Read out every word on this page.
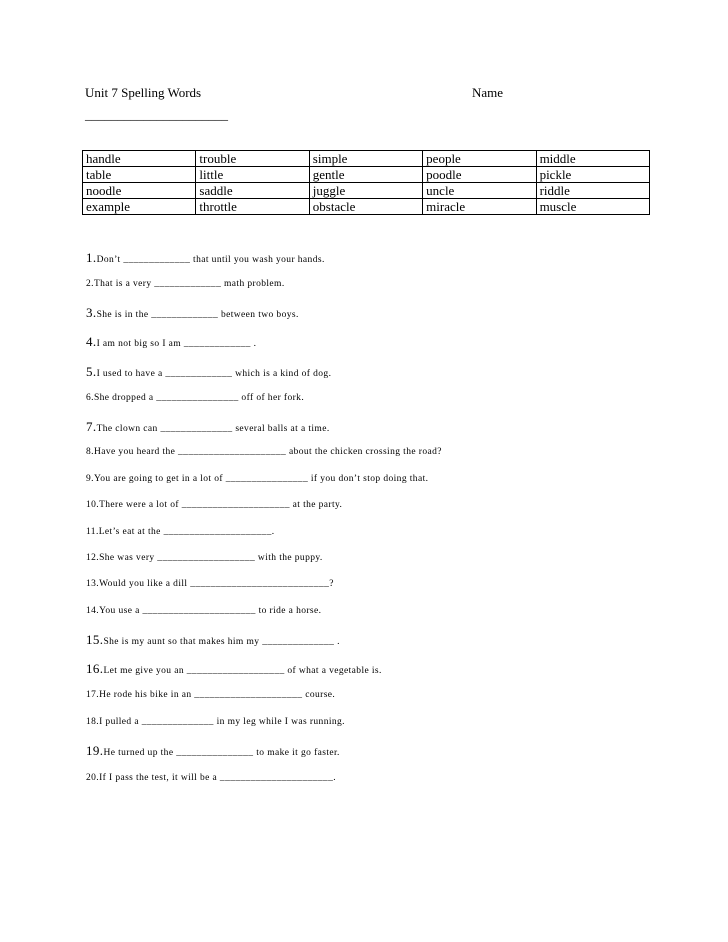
Unit 7 Spelling Words	Name
______________________
handle	trouble	simple	people	middle
table	little	gentle	poodle	pickle
noodle	saddle	juggle	uncle	riddle
example	throttle	obstacle	miracle	muscle
1.Don’t _____________ that until you wash your hands.
2.That is a very _____________ math problem.
3.She is in the _____________ between two boys.
4.I am not big so I am _____________ .
5.I used to have a _____________ which is a kind of dog.
6.She dropped a ________________ off of her fork.
7.The clown can ______________ several balls at a time.
8.Have you heard the _____________________ about the chicken crossing the road?
9.You are going to get in a lot of ________________ if you don’t stop doing that.
10.There were a lot of _____________________ at the party.
11.Let’s eat at the _____________________.
12.She was very ___________________ with the puppy.
13.Would you like a dill ___________________________?
14.You use a ______________________ to ride a horse.
15.She is my aunt so that makes him my ______________ .
16.Let me give you an ___________________ of what a vegetable is.
17.He rode his bike in an _____________________ course.
18.I pulled a ______________ in my leg while I was running.
19.He turned up the _______________ to make it go faster.
20.If I pass the test, it will be a ______________________.
